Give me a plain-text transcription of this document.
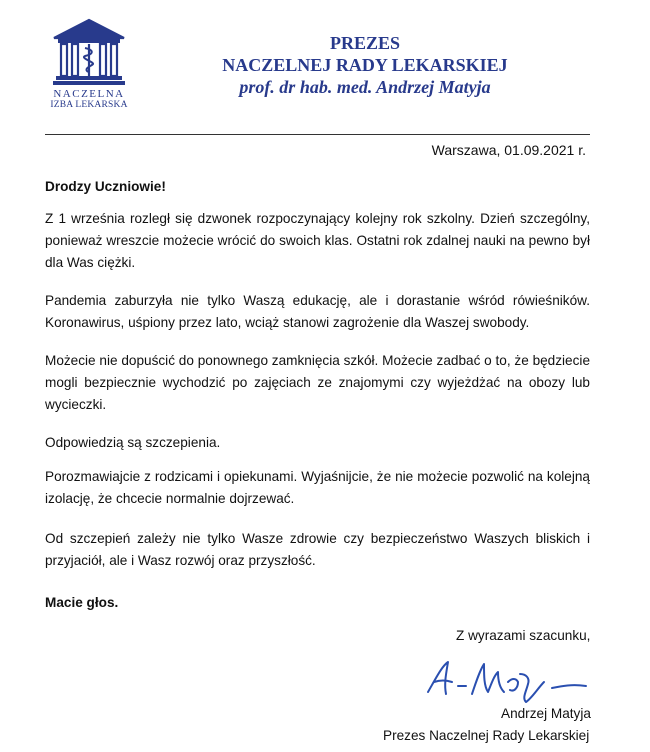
NACZELNA
IZBA LEKARSKA
PREZES
NACZELNEJ RADY LEKARSKIEJ
prof. dr hab. med. Andrzej Matyja
Warszawa, 01.09.2021 r.
Drodzy Uczniowie!
Z 1 września rozległ się dzwonek rozpoczynający kolejny rok szkolny. Dzień szczególny, ponieważ wreszcie możecie wrócić do swoich klas. Ostatni rok zdalnej nauki na pewno był dla Was ciężki.
Pandemia zaburzyła nie tylko Waszą edukację, ale i dorastanie wśród rówieśników. Koronawirus, uśpiony przez lato, wciąż stanowi zagrożenie dla Waszej swobody.
Możecie nie dopuścić do ponownego zamknięcia szkół. Możecie zadbać o to, że będziecie mogli bezpiecznie wychodzić po zajęciach ze znajomymi czy wyjeżdżać na obozy lub wycieczki.
Odpowiedzią są szczepienia.
Porozmawiajcie z rodzicami i opiekunami. Wyjaśnijcie, że nie możecie pozwolić na kolejną izolację, że chcecie normalnie dojrzewać.
Od szczepień zależy nie tylko Wasze zdrowie czy bezpieczeństwo Waszych bliskich i przyjaciół, ale i Wasz rozwój oraz przyszłość.
Macie głos.
Z wyrazami szacunku,
Andrzej Matyja
Prezes Naczelnej Rady Lekarskiej
